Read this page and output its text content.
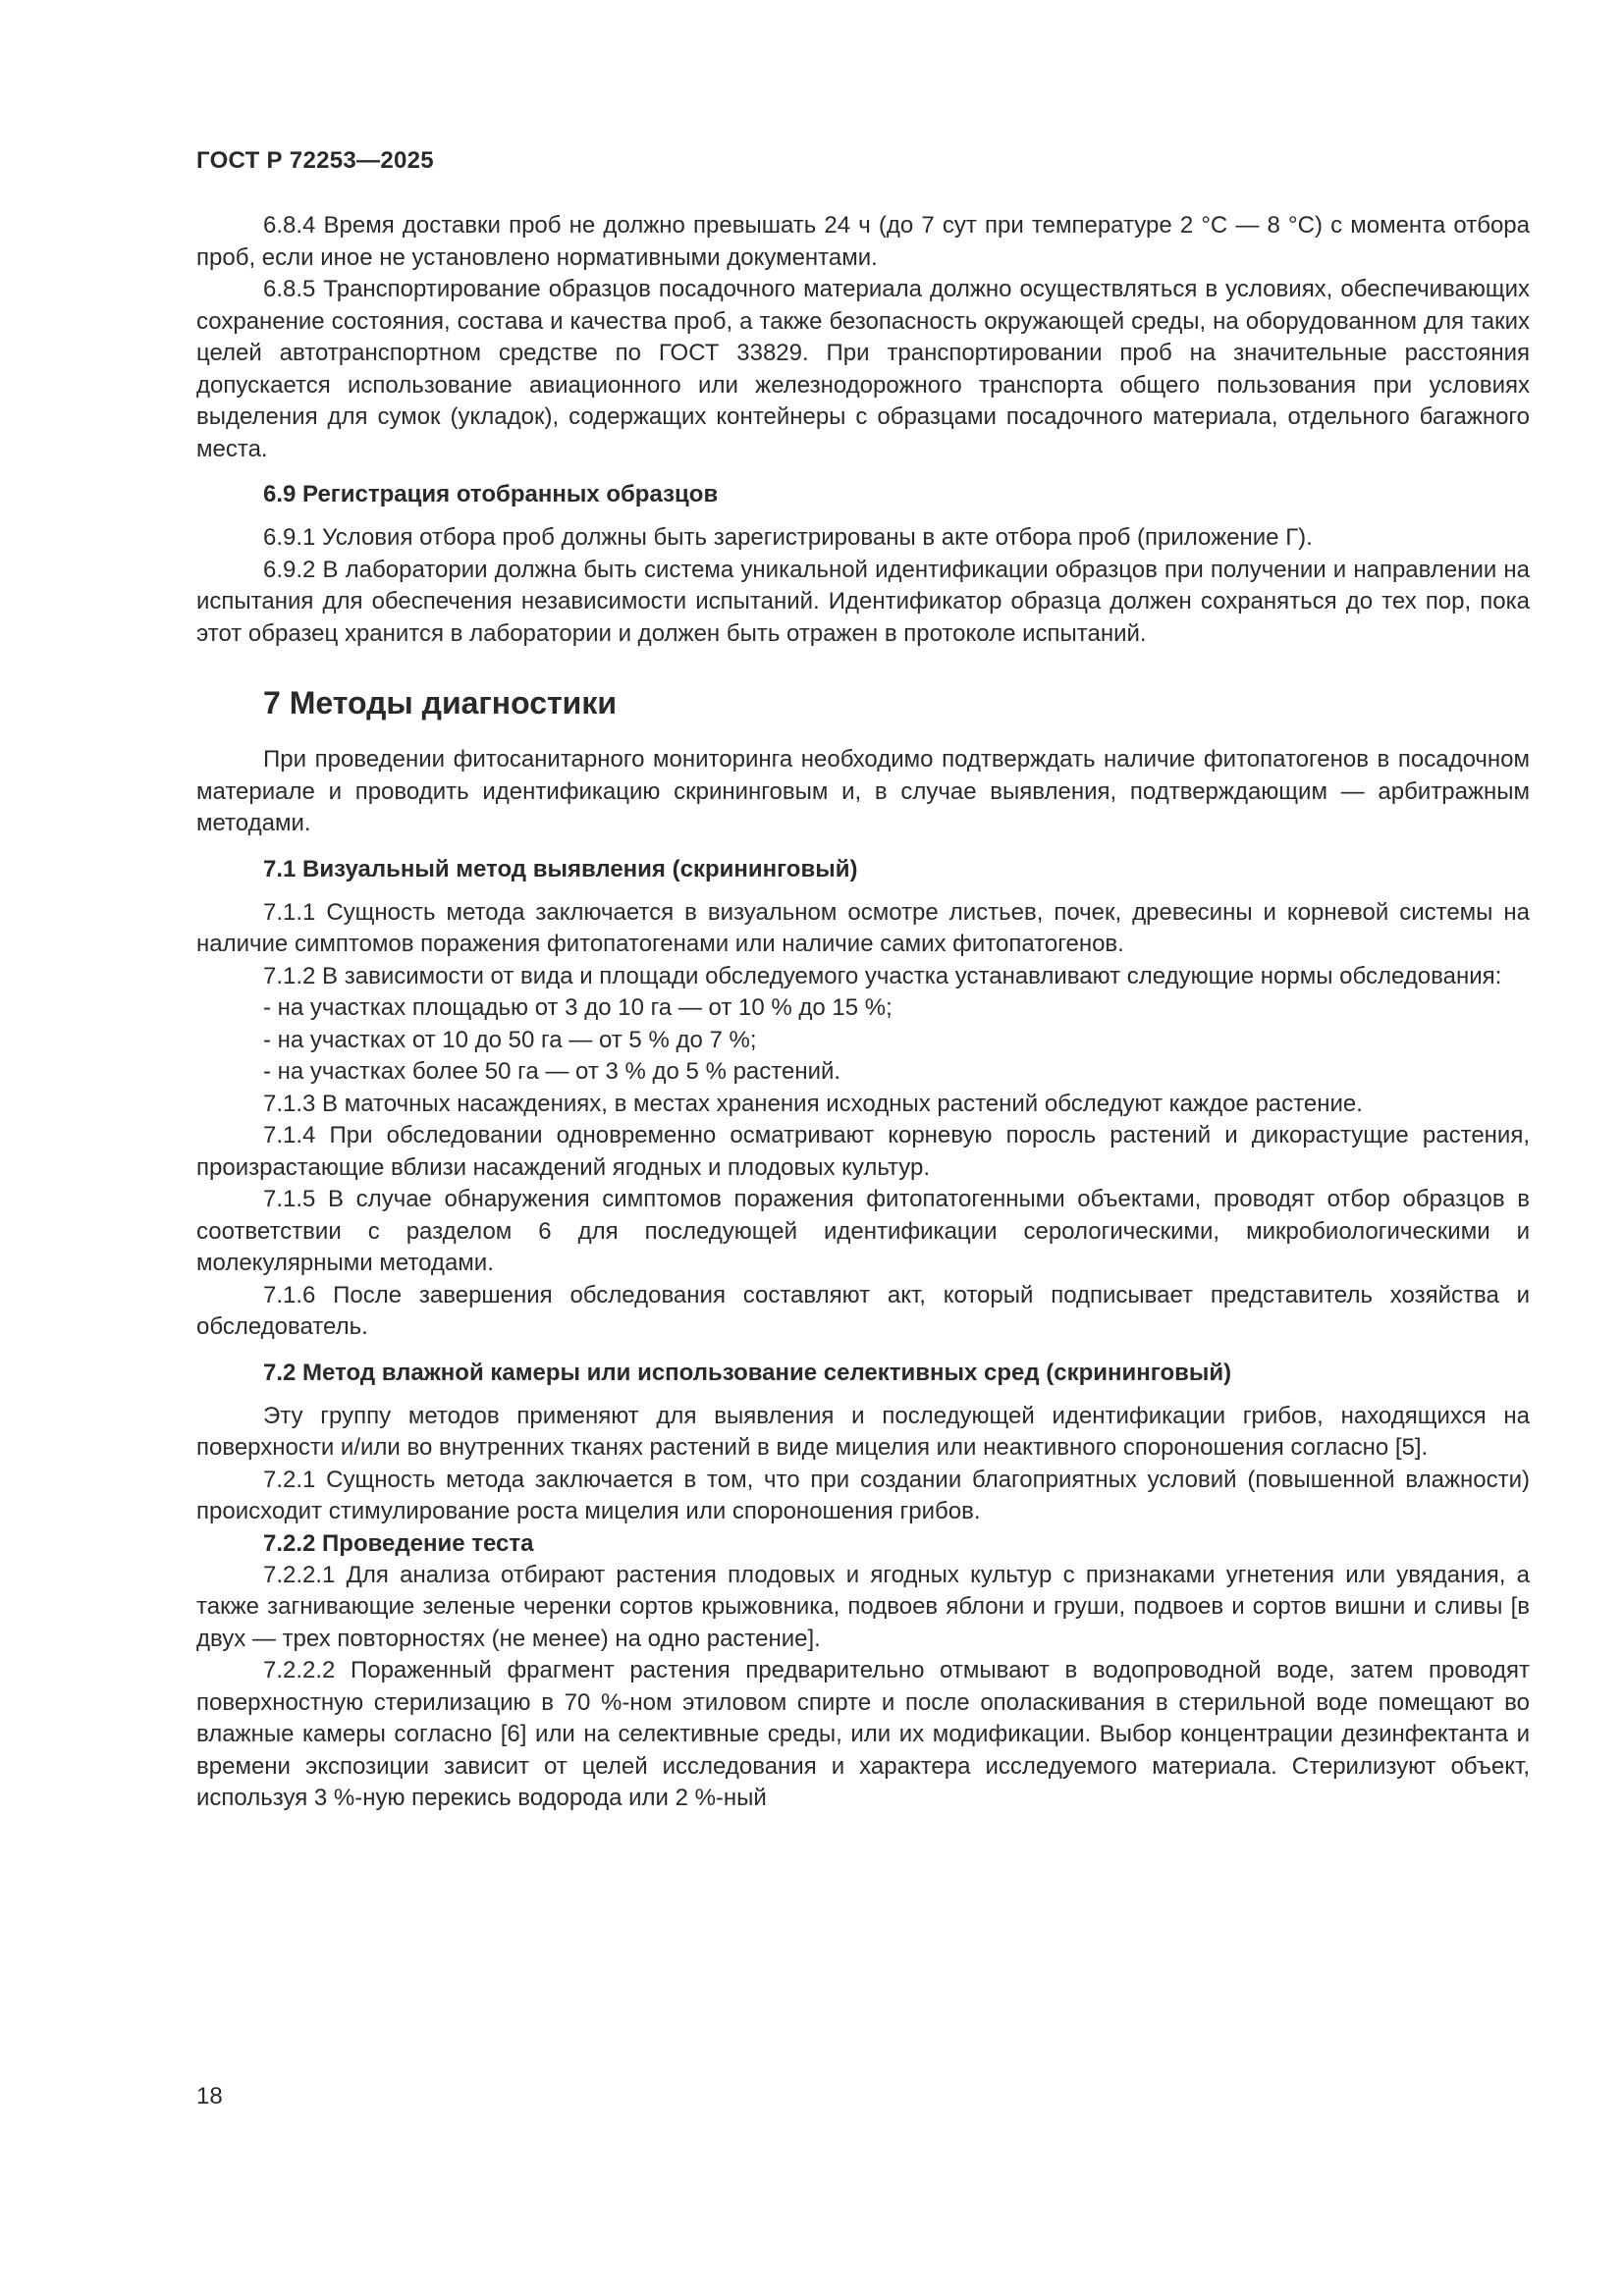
ГОСТ Р 72253—2025

6.8.4 Время доставки проб не должно превышать 24 ч (до 7 сут при температуре 2 °С — 8 °С) с момента отбора проб, если иное не установлено нормативными документами.

6.8.5 Транспортирование образцов посадочного материала должно осуществляться в условиях, обеспечивающих сохранение состояния, состава и качества проб, а также безопасность окружающей среды, на оборудованном для таких целей автотранспортном средстве по ГОСТ 33829. При транспортировании проб на значительные расстояния допускается использование авиационного или железнодорожного транспорта общего пользования при условиях выделения для сумок (укладок), содержащих контейнеры с образцами посадочного материала, отдельного багажного места.

6.9 Регистрация отобранных образцов

6.9.1 Условия отбора проб должны быть зарегистрированы в акте отбора проб (приложение Г).

6.9.2 В лаборатории должна быть система уникальной идентификации образцов при получении и направлении на испытания для обеспечения независимости испытаний. Идентификатор образца должен сохраняться до тех пор, пока этот образец хранится в лаборатории и должен быть отражен в протоколе испытаний.

7 Методы диагностики

При проведении фитосанитарного мониторинга необходимо подтверждать наличие фитопатогенов в посадочном материале и проводить идентификацию скрининговым и, в случае выявления, подтверждающим — арбитражным методами.

7.1 Визуальный метод выявления (скрининговый)

7.1.1 Сущность метода заключается в визуальном осмотре листьев, почек, древесины и корневой системы на наличие симптомов поражения фитопатогенами или наличие самих фитопатогенов.

7.1.2 В зависимости от вида и площади обследуемого участка устанавливают следующие нормы обследования:

- на участках площадью от 3 до 10 га — от 10 % до 15 %;
- на участках от 10 до 50 га — от 5 % до 7 %;
- на участках более 50 га — от 3 % до 5 % растений.

7.1.3 В маточных насаждениях, в местах хранения исходных растений обследуют каждое растение.

7.1.4 При обследовании одновременно осматривают корневую поросль растений и дикорастущие растения, произрастающие вблизи насаждений ягодных и плодовых культур.

7.1.5 В случае обнаружения симптомов поражения фитопатогенными объектами, проводят отбор образцов в соответствии с разделом 6 для последующей идентификации серологическими, микробиологическими и молекулярными методами.

7.1.6 После завершения обследования составляют акт, который подписывает представитель хозяйства и обследователь.

7.2 Метод влажной камеры или использование селективных сред (скрининговый)

Эту группу методов применяют для выявления и последующей идентификации грибов, находящихся на поверхности и/или во внутренних тканях растений в виде мицелия или неактивного спороношения согласно [5].

7.2.1 Сущность метода заключается в том, что при создании благоприятных условий (повышенной влажности) происходит стимулирование роста мицелия или спороношения грибов.

7.2.2 Проведение теста

7.2.2.1 Для анализа отбирают растения плодовых и ягодных культур с признаками угнетения или увядания, а также загнивающие зеленые черенки сортов крыжовника, подвоев яблони и груши, подвоев и сортов вишни и сливы [в двух — трех повторностях (не менее) на одно растение].

7.2.2.2 Пораженный фрагмент растения предварительно отмывают в водопроводной воде, затем проводят поверхностную стерилизацию в 70 %-ном этиловом спирте и после ополаскивания в стерильной воде помещают во влажные камеры согласно [6] или на селективные среды, или их модификации. Выбор концентрации дезинфектанта и времени экспозиции зависит от целей исследования и характера исследуемого материала. Стерилизуют объект, используя 3 %-ную перекись водорода или 2 %-ный

18
